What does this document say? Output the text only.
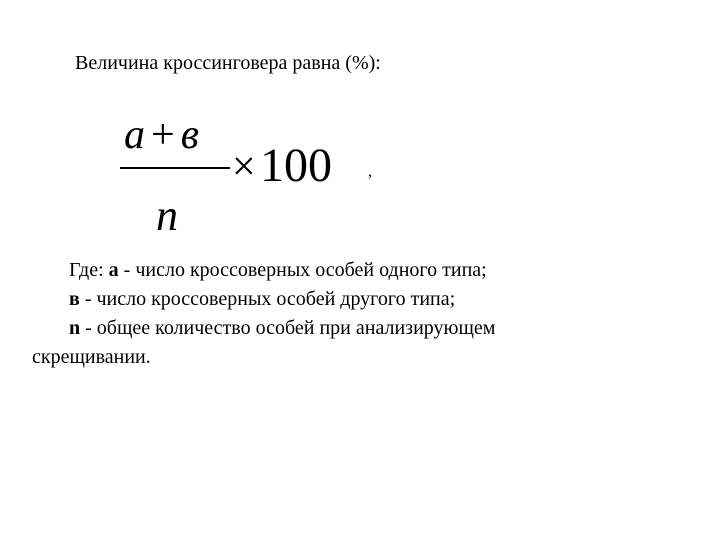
Величина кроссинговера равна (%):
a + в
n
× 100 ,
Где: a - число кроссоверных особей одного типа;
в - число кроссоверных особей другого типа;
n - общее количество особей при анализирующем
скрещивании.
